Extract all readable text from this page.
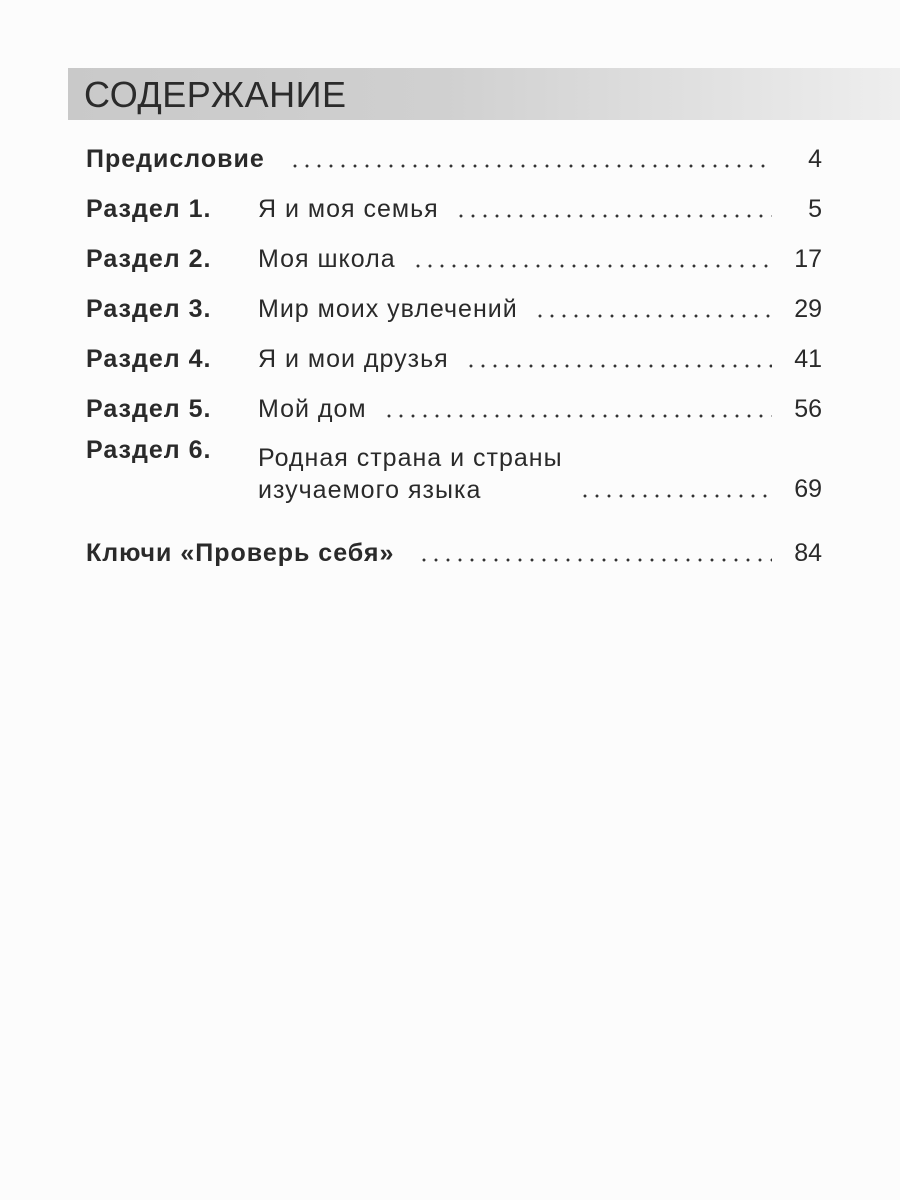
СОДЕРЖАНИЕ
Предисловие	4
Раздел 1.	Я и моя семья	5
Раздел 2.	Моя школа	17
Раздел 3.	Мир моих увлечений	29
Раздел 4.	Я и мои друзья	41
Раздел 5.	Мой дом	56
Раздел 6.	Родная страна и страны
изучаемого языка	69
Ключи «Проверь себя»	84
